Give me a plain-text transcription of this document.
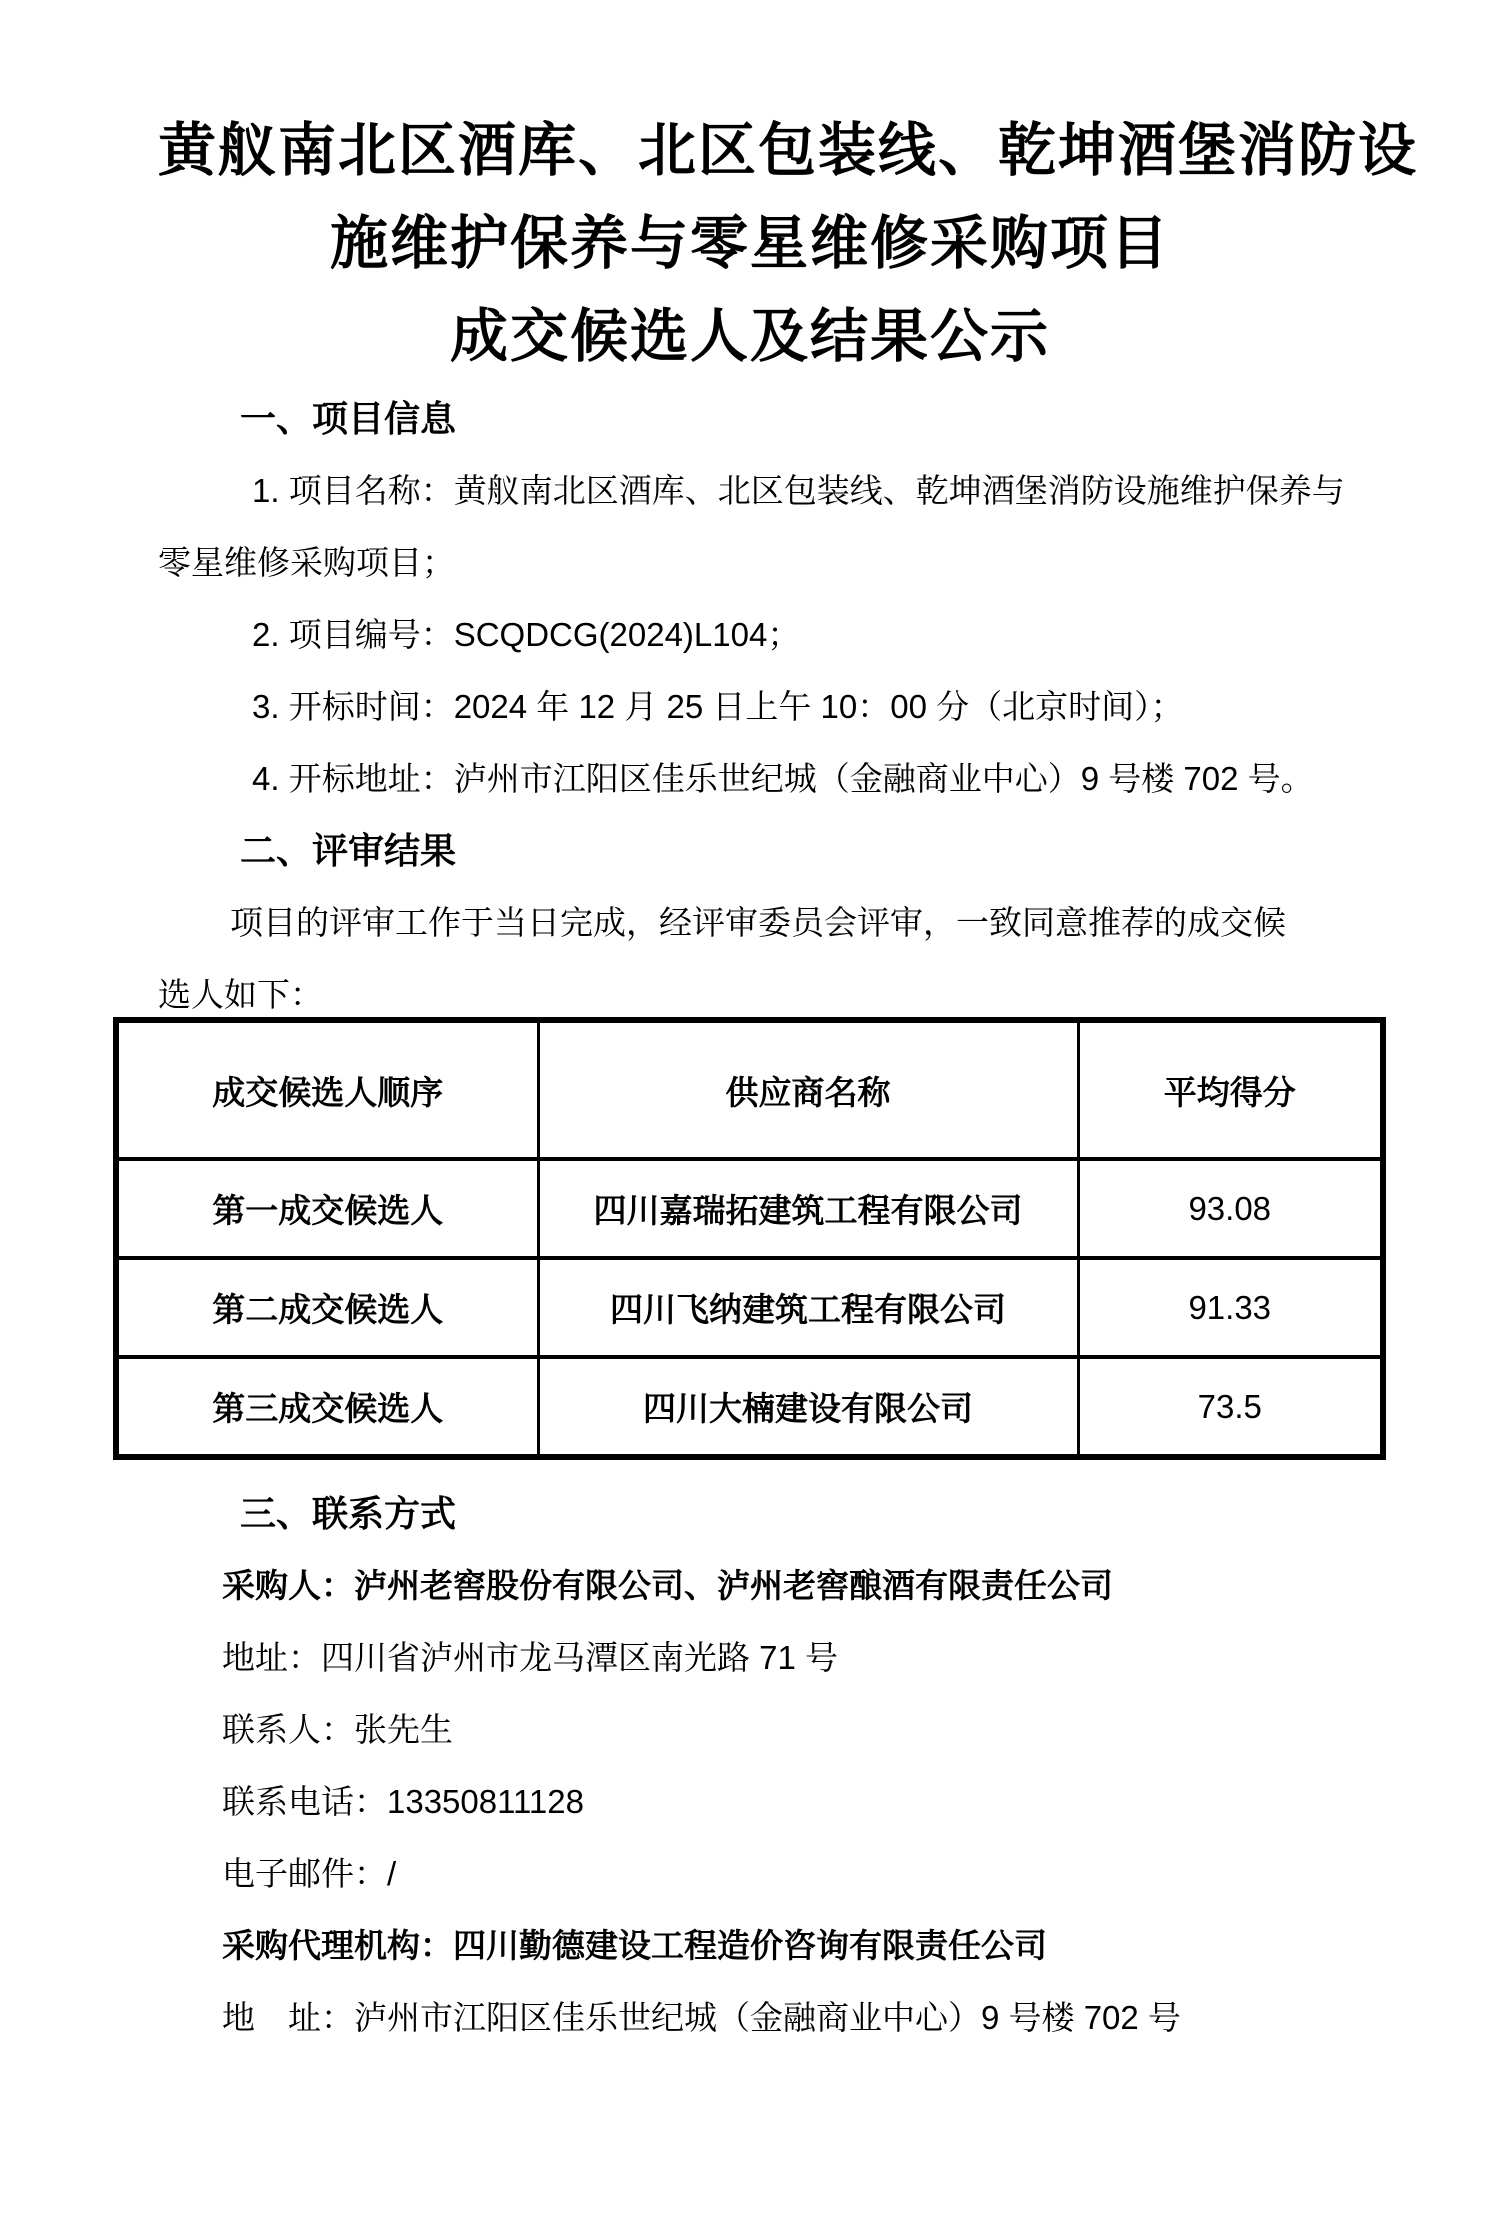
黄舣南北区酒库、北区包装线、乾坤酒堡消防设
施维护保养与零星维修采购项目
成交候选人及结果公示
一、项目信息
1. 项目名称：黄舣南北区酒库、北区包装线、乾坤酒堡消防设施维护保养与
零星维修采购项目；
2. 项目编号：SCQDCG(2024)L104；
3. 开标时间：2024 年 12 月 25 日上午 10：00 分（北京时间）；
4. 开标地址：泸州市江阳区佳乐世纪城（金融商业中心）9 号楼 702 号。
二、评审结果
项目的评审工作于当日完成，经评审委员会评审，一致同意推荐的成交候
选人如下：
成交候选人顺序	供应商名称	平均得分
第一成交候选人	四川嘉瑞拓建筑工程有限公司	93.08
第二成交候选人	四川飞纳建筑工程有限公司	91.33
第三成交候选人	四川大楠建设有限公司	73.5
三、联系方式
采购人：泸州老窖股份有限公司、泸州老窖酿酒有限责任公司
地址：四川省泸州市龙马潭区南光路 71 号
联系人：张先生
联系电话：13350811128
电子邮件：/
采购代理机构：四川勤德建设工程造价咨询有限责任公司
地　址：泸州市江阳区佳乐世纪城（金融商业中心）9 号楼 702 号
